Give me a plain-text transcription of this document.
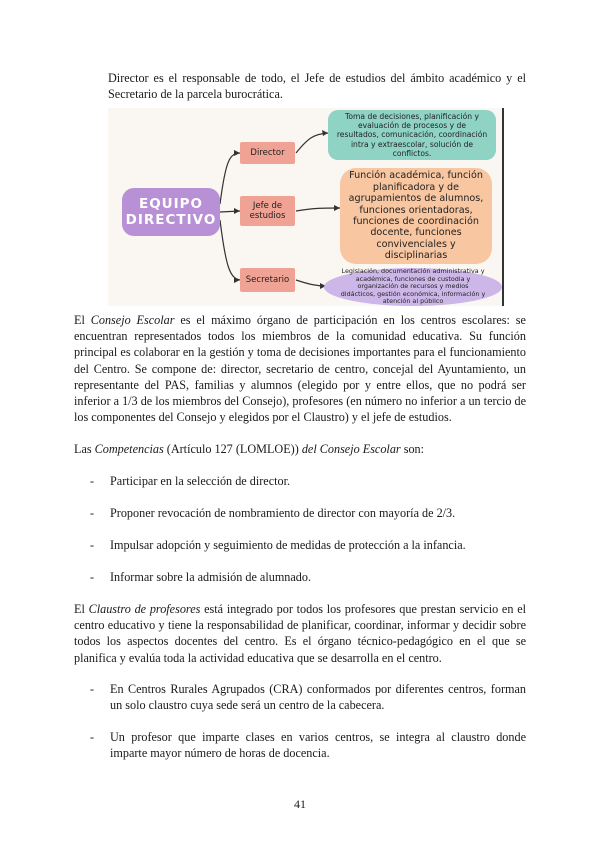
Director es el responsable de todo, el Jefe de estudios del ámbito académico y el Secretario de la parcela burocrática.

EQUIPO DIRECTIVO
Director
Jefe de estudios
Secretario
Toma de decisiones, planificación y evaluación de procesos y de resultados, comunicación, coordinación intra y extraescolar, solución de conflictos.
Función académica, función planificadora y de agrupamientos de alumnos, funciones orientadoras, funciones de coordinación docente, funciones convivenciales y disciplinarias
Legislación, documentación administrativa y académica, funciones de custodia y organización de recursos y medios didácticos, gestión económica, información y atención al público

El Consejo Escolar es el máximo órgano de participación en los centros escolares: se encuentran representados todos los miembros de la comunidad educativa. Su función principal es colaborar en la gestión y toma de decisiones importantes para el funcionamiento del Centro. Se compone de: director, secretario de centro, concejal del Ayuntamiento, un representante del PAS, familias y alumnos (elegido por y entre ellos, que no podrá ser inferior a 1/3 de los miembros del Consejo), profesores (en número no inferior a un tercio de los componentes del Consejo y elegidos por el Claustro) y el jefe de estudios.

Las Competencias (Artículo 127 (LOMLOE)) del Consejo Escolar son:

- Participar en la selección de director.
- Proponer revocación de nombramiento de director con mayoría de 2/3.
- Impulsar adopción y seguimiento de medidas de protección a la infancia.
- Informar sobre la admisión de alumnado.

El Claustro de profesores está integrado por todos los profesores que prestan servicio en el centro educativo y tiene la responsabilidad de planificar, coordinar, informar y decidir sobre todos los aspectos docentes del centro. Es el órgano técnico-pedagógico en el que se planifica y evalúa toda la actividad educativa que se desarrolla en el centro.

- En Centros Rurales Agrupados (CRA) conformados por diferentes centros, forman un solo claustro cuya sede será un centro de la cabecera.
- Un profesor que imparte clases en varios centros, se integra al claustro donde imparte mayor número de horas de docencia.
41
